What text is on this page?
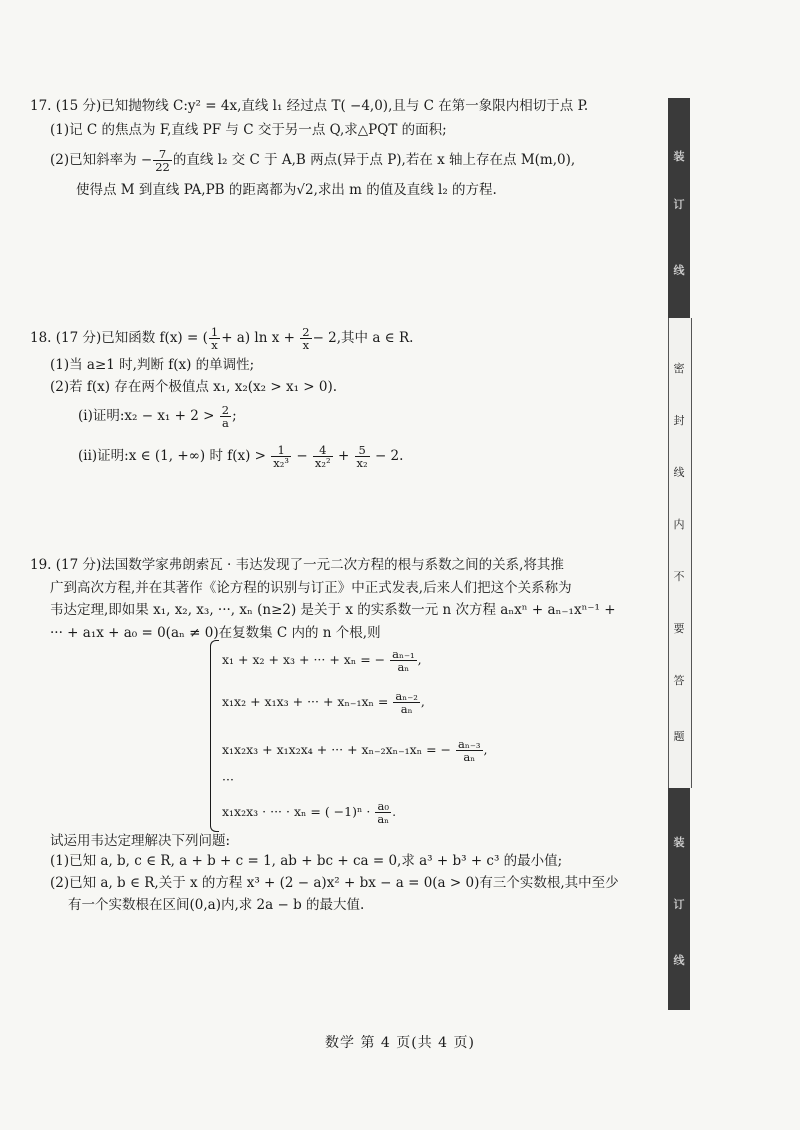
17. (15 分)已知抛物线 C:y² = 4x,直线 l₁ 经过点 T( −4,0),且与 C 在第一象限内相切于点 P.
(1)记 C 的焦点为 F,直线 PF 与 C 交于另一点 Q,求△PQT 的面积;
(2)已知斜率为 − $\frac{7}{22}$ 的直线 l₂ 交 C 于 A,B 两点(异于点 P),若在 x 轴上存在点 M(m,0),
使得点 M 到直线 PA,PB 的距离都为√2,求出 m 的值及直线 l₂ 的方程.
18. (17 分)已知函数 f(x) = ( $\frac{1}{x} + a$) $\ln x + \frac{2}{x} - 2$,其中 a ∈ R.
(1)当 a≥1 时,判断 f(x) 的单调性;
(2)若 f(x) 存在两个极值点 x₁, x₂(x₂ > x₁ > 0).
(i)证明:x₂ − $x_1 + 2 > \frac{2}{a}$ ;
(ii)证明:x ∈ (1, +∞) 时 $f(x) > \frac{1}{\text{x₂³}} - \frac{4}{\text{x₂²}} + \frac{5}{\text{x₂}} - 2$.
19. (17 分)法国数学家弗朗索瓦 · 韦达发现了一元二次方程的根与系数之间的关系,将其推
广到高次方程,并在其著作《论方程的识别与订正》中正式发表,后来人们把这个关系称为
韦达定理,即如果 x₁, x₂, x₃, ···, xₙ (n≥2) 是关于 x 的实系数一元 n 次方程 aₙxⁿ + aₙ₋₁xⁿ⁻¹ +
··· + a₁x + a₀ = 0(aₙ ≠ 0)在复数集 C 内的 n 个根,则
x₁ + x₂ + x₃ + ··· + xₙ = − $\frac{\text{aₙ₋₁}}{\text{aₙ}}$ ,
x₁x₂ + x₁x₃ + ··· + $x_{n-1}x_n = \frac{\text{aₙ₋₂}}{\text{aₙ}}$ ,
x₁x₂x₃ + x₁x₂x₄ + ··· + xₙ₋₂xₙ₋₁xₙ = − $\frac{\text{aₙ₋₃}}{\text{aₙ}}$ ,
···
x₁x₂x₃ · ··· · xₙ = ( $-1)^n \cdot \frac{\text{a₀}}{\text{aₙ}}$ .
试运用韦达定理解决下列问题:
(1)已知 a, b, c ∈ R, a + b + c = 1, ab + bc + ca = 0,求 a³ + b³ + c³ 的最小值;
(2)已知 a, b ∈ R,关于 x 的方程 x³ + (2 − a)x² + bx − a = 0(a > 0)有三个实数根,其中至少
有一个实数根在区间(0,a)内,求 2a − b 的最大值.
装
订
线
密
封
线
内
不
要
答
题
装
订
线
数学 第 4 页(共 4 页)
